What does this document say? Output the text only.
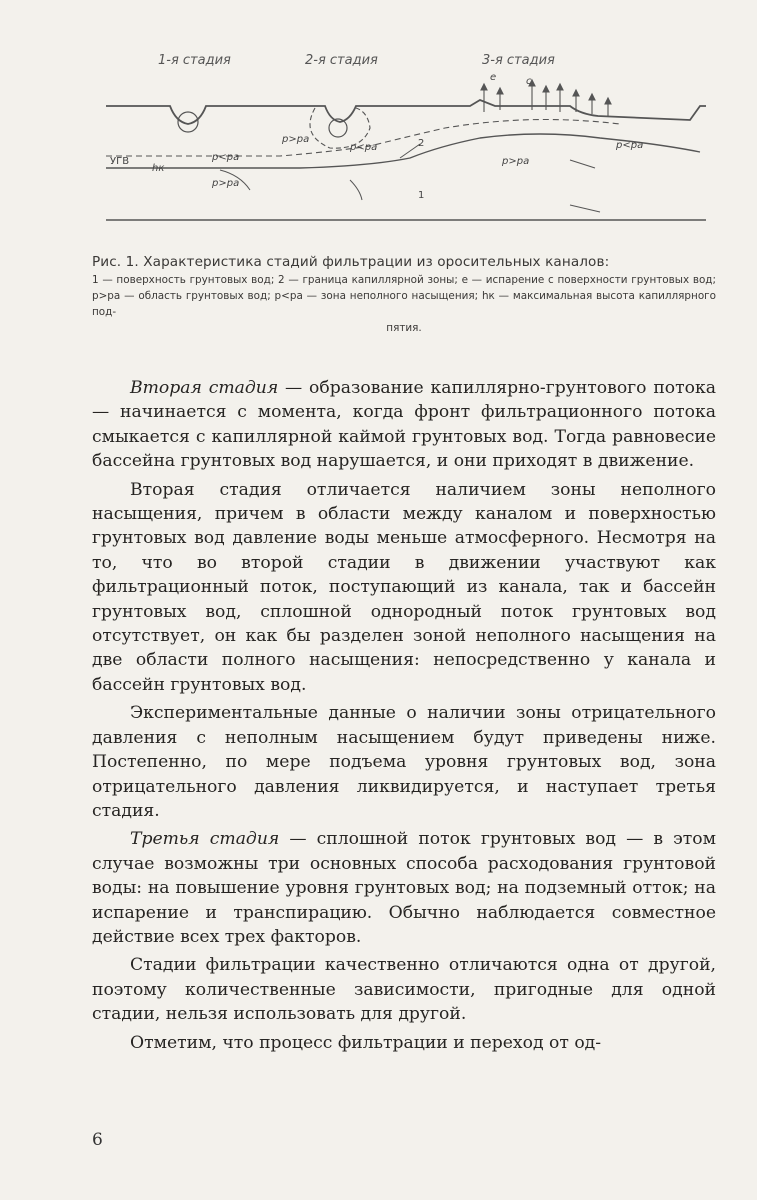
1-я стадия	2-я стадия	3-я стадия
УГВ
hк
p<pa
p>pa
p>pa
p<pa
p>pa
p<pa
e	c
1
2
Рис. 1. Характеристика стадий фильтрации из оросительных каналов:
1 — поверхность грунтовых вод; 2 — граница капиллярной зоны; e — испарение с поверхности грунтовых вод; p>pa — область грунтовых вод; p<pa — зона неполного насыщения; hк — максимальная высота капиллярного под-
пятия.

Вторая стадия — образование капиллярно-грунтового потока — начинается с момента, когда фронт фильтрационного потока смыкается с капиллярной каймой грунтовых вод. Тогда равновесие бассейна грунтовых вод нарушается, и они приходят в движение.

Вторая стадия отличается наличием зоны неполного насыщения, причем в области между каналом и поверхностью грунтовых вод давление воды меньше атмосферного. Несмотря на то, что во второй стадии в движении участвуют как фильтрационный поток, поступающий из канала, так и бассейн грунтовых вод, сплошной однородный поток грунтовых вод отсутствует, он как бы разделен зоной неполного насыщения на две области полного насыщения: непосредственно у канала и бассейн грунтовых вод.

Экспериментальные данные о наличии зоны отрицательного давления с неполным насыщением будут приведены ниже. Постепенно, по мере подъема уровня грунтовых вод, зона отрицательного давления ликвидируется, и наступает третья стадия.

Третья стадия — сплошной поток грунтовых вод — в этом случае возможны три основных способа расходования грунтовой воды: на повышение уровня грунтовых вод; на подземный отток; на испарение и транспирацию. Обычно наблюдается совместное действие всех трех факторов.

Стадии фильтрации качественно отличаются одна от другой, поэтому количественные зависимости, пригодные для одной стадии, нельзя использовать для другой.

Отметим, что процесс фильтрации и переход от од-

6
